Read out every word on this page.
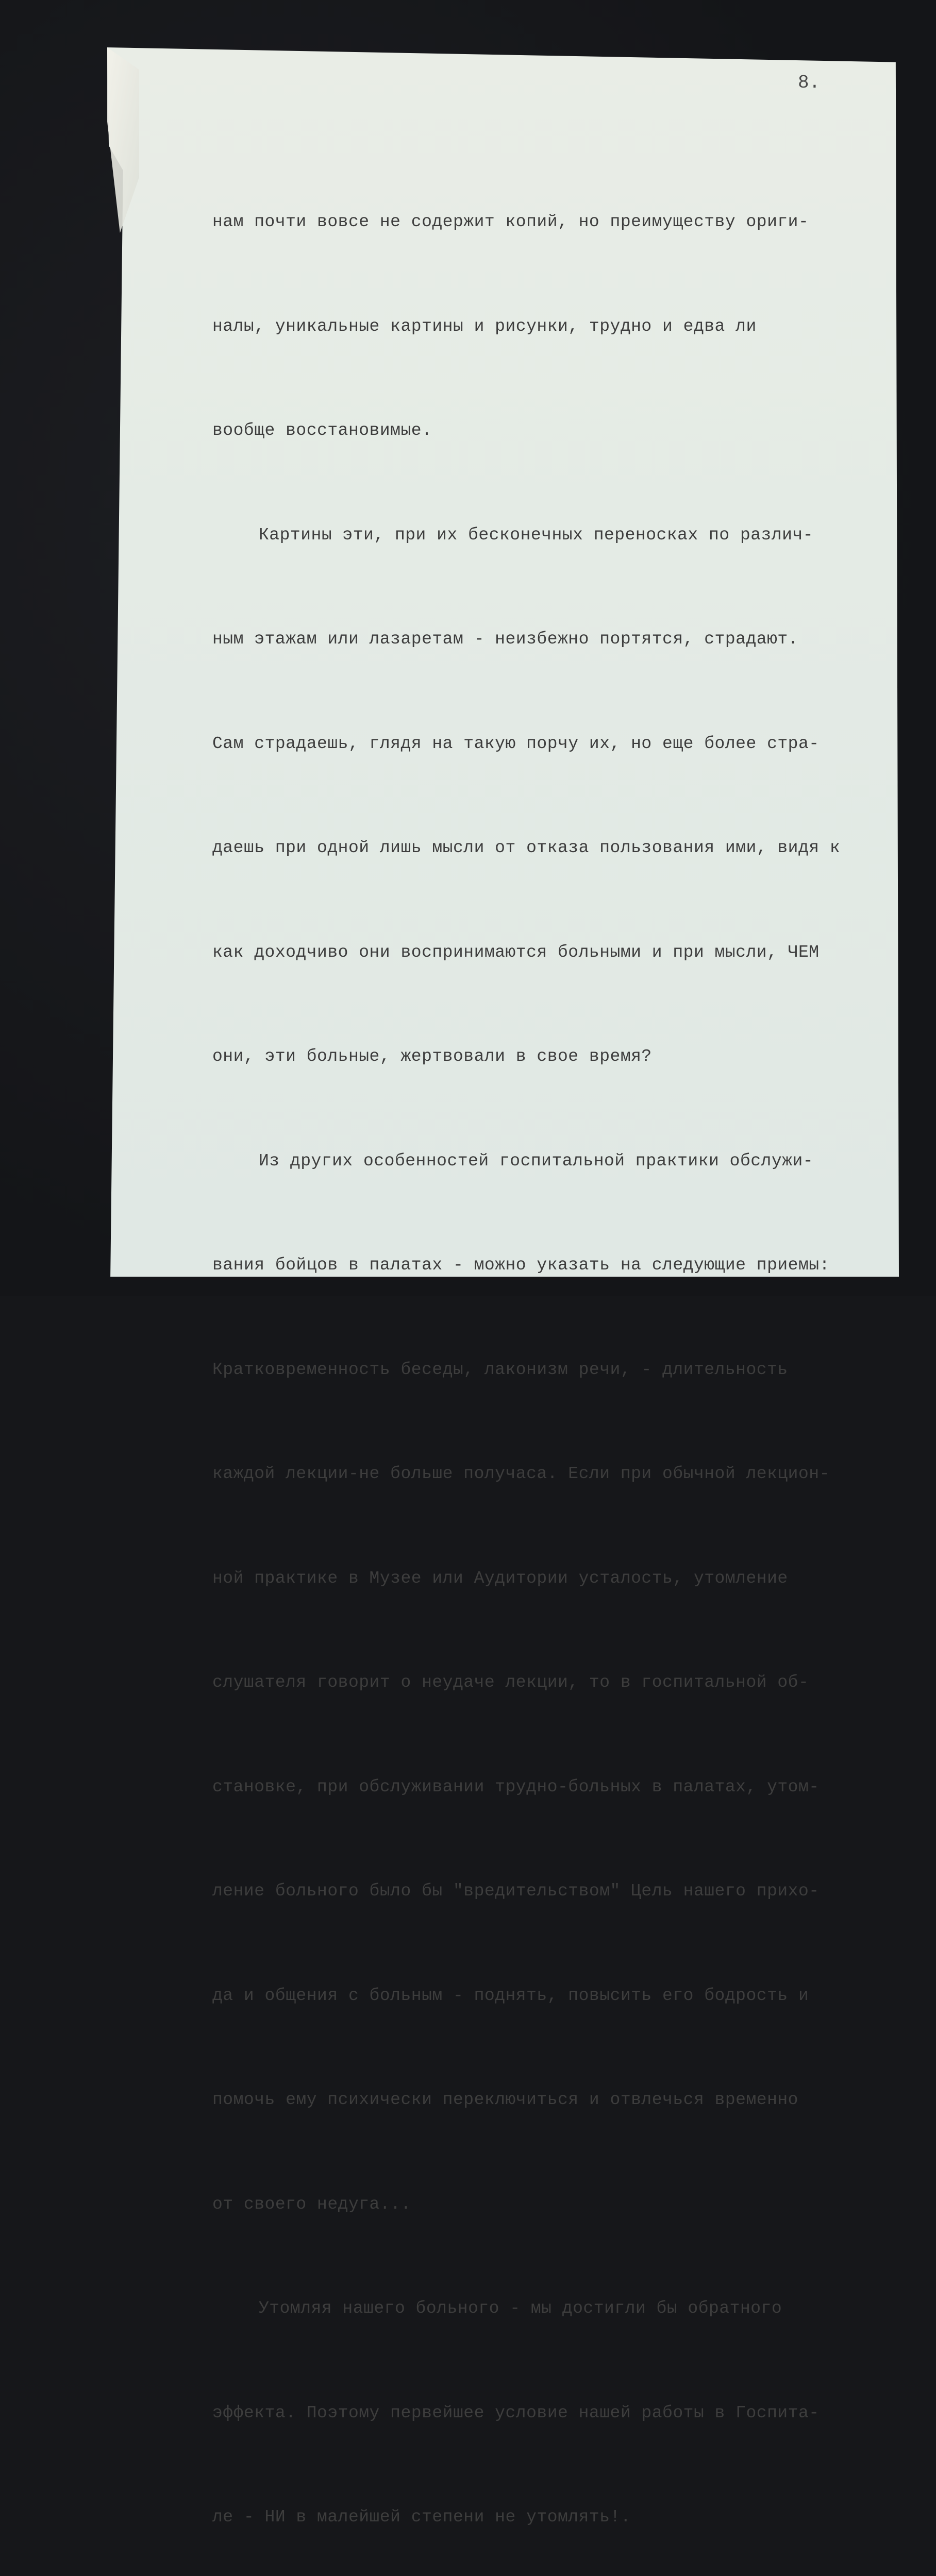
8.

нам почти вовсе не содержит копий, но преимуществу ориги-

налы, уникальные картины и рисунки, трудно и едва ли

вообще восстановимые.

Картины эти, при их бесконечных переносках по различ-

ным этажам или лазаретам - неизбежно портятся, страдают.

Сам страдаешь, глядя на такую порчу их, но еще более стра-

даешь при одной лишь мысли от отказа пользования ими, видя к

как доходчиво они воспринимаются больными и при мысли, ЧЕМ

они, эти больные, жертвовали в свое время?

Из других особенностей госпитальной практики обслужи-

вания бойцов в палатах - можно указать на следующие приемы:

Кратковременность беседы, лаконизм речи, - длительность

каждой лекции-не больше получаса. Если при обычной лекцион-

ной практике в Музее или Аудитории усталость, утомление

слушателя говорит о неудаче лекции, то в госпитальной об-

становке, при обслуживании трудно-больных в палатах, утом-

ление больного было бы "вредительством" Цель нашего прихо-

да и общения с больным - поднять, повысить его бодрость и

помочь ему психически переключиться и отвлечься временно

от своего недуга...

Утомляя нашего больного - мы достигли бы обратного

эффекта. Поэтому первейшее условие нашей работы в Госпита-

ле - НИ в малейшей степени не утомлять!.
